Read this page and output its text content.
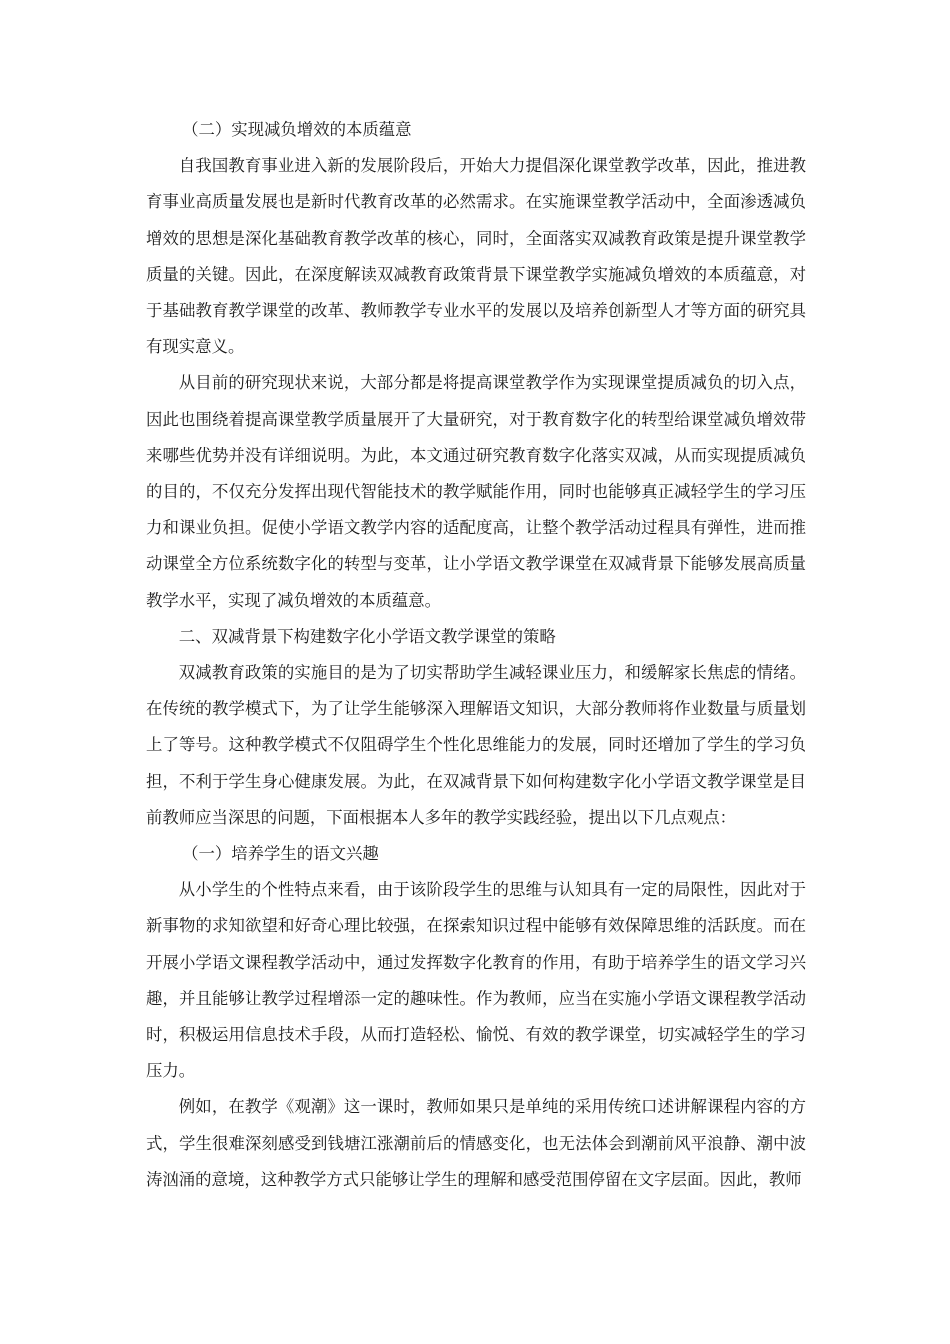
（二）实现减负增效的本质蕴意

自我国教育事业进入新的发展阶段后，开始大力提倡深化课堂教学改革，因此，推进教育事业高质量发展也是新时代教育改革的必然需求。在实施课堂教学活动中，全面渗透减负增效的思想是深化基础教育教学改革的核心，同时，全面落实双减教育政策是提升课堂教学质量的关键。因此，在深度解读双减教育政策背景下课堂教学实施减负增效的本质蕴意，对于基础教育教学课堂的改革、教师教学专业水平的发展以及培养创新型人才等方面的研究具有现实意义。

从目前的研究现状来说，大部分都是将提高课堂教学作为实现课堂提质减负的切入点，因此也围绕着提高课堂教学质量展开了大量研究，对于教育数字化的转型给课堂减负增效带来哪些优势并没有详细说明。为此，本文通过研究教育数字化落实双减，从而实现提质减负的目的，不仅充分发挥出现代智能技术的教学赋能作用，同时也能够真正减轻学生的学习压力和课业负担。促使小学语文教学内容的适配度高，让整个教学活动过程具有弹性，进而推动课堂全方位系统数字化的转型与变革，让小学语文教学课堂在双减背景下能够发展高质量教学水平，实现了减负增效的本质蕴意。

二、双减背景下构建数字化小学语文教学课堂的策略

双减教育政策的实施目的是为了切实帮助学生减轻课业压力，和缓解家长焦虑的情绪。在传统的教学模式下，为了让学生能够深入理解语文知识，大部分教师将作业数量与质量划上了等号。这种教学模式不仅阻碍学生个性化思维能力的发展，同时还增加了学生的学习负担，不利于学生身心健康发展。为此，在双减背景下如何构建数字化小学语文教学课堂是目前教师应当深思的问题，下面根据本人多年的教学实践经验，提出以下几点观点：

（一）培养学生的语文兴趣

从小学生的个性特点来看，由于该阶段学生的思维与认知具有一定的局限性，因此对于新事物的求知欲望和好奇心理比较强，在探索知识过程中能够有效保障思维的活跃度。而在开展小学语文课程教学活动中，通过发挥数字化教育的作用，有助于培养学生的语文学习兴趣，并且能够让教学过程增添一定的趣味性。作为教师，应当在实施小学语文课程教学活动时，积极运用信息技术手段，从而打造轻松、愉悦、有效的教学课堂，切实减轻学生的学习压力。

例如，在教学《观潮》这一课时，教师如果只是单纯的采用传统口述讲解课程内容的方式，学生很难深刻感受到钱塘江涨潮前后的情感变化，也无法体会到潮前风平浪静、潮中波涛汹涌的意境，这种教学方式只能够让学生的理解和感受范围停留在文字层面。因此，教师
